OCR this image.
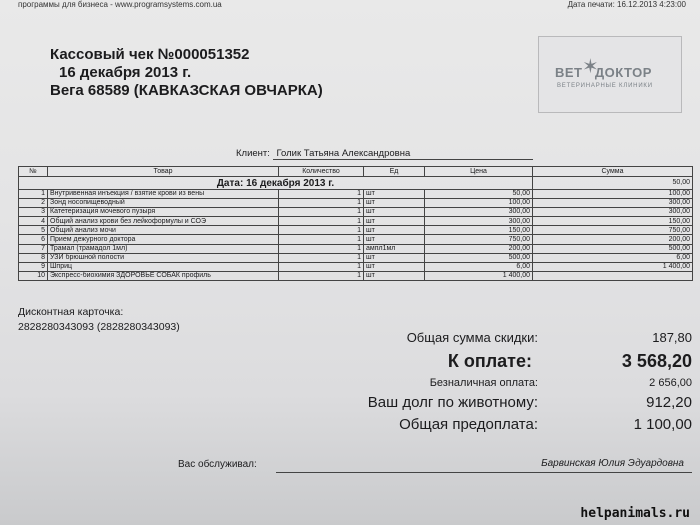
программы для бизнеса - www.programsystems.com.ua	Дата печати: 16.12.2013 4:23:00
Кассовый чек №000051352
16 декабря 2013 г.
Вега 68589 (КАВКАЗСКАЯ ОВЧАРКА)
ВЕТ ДОКТОР
✶
ВЕТЕРИНАРНЫЕ КЛИНИКИ
Клиент: Голик Татьяна Александровна
№	Товар	Количество	Ед	Цена	Сумма
Дата: 16 декабря 2013 г.					50,00
1	Внутривенная инъекция / взятие крови из вены	1	шт	50,00	100,00
2	Зонд носопищеводный	1	шт	100,00	300,00
3	Катетеризация мочевого пузыря	1	шт	300,00	300,00
4	Общий анализ крови без лейкоформулы и СОЭ	1	шт	300,00	150,00
5	Общий анализ мочи	1	шт	150,00	750,00
6	Прием дежурного доктора	1	шт	750,00	200,00
7	Трамал (трамадол 1мл)	1	ампл1мл	200,00	500,00
8	УЗИ брюшной полости	1	шт	500,00	6,00
9	Шприц	1	шт	6,00	1 400,00
10	Экспресс-биохимия ЗДОРОВЬЕ СОБАК профиль	1	шт	1 400,00	
Дисконтная карточка:
2828280343093 (2828280343093)
Общая сумма скидки:	187,80
К оплате:	3 568,20
Безналичная оплата:	2 656,00
Ваш долг по животному:	912,20
Общая предоплата:	1 100,00
Вас обслуживал:	Барвинская Юлия Эдуардовна
helpanimals.ru
